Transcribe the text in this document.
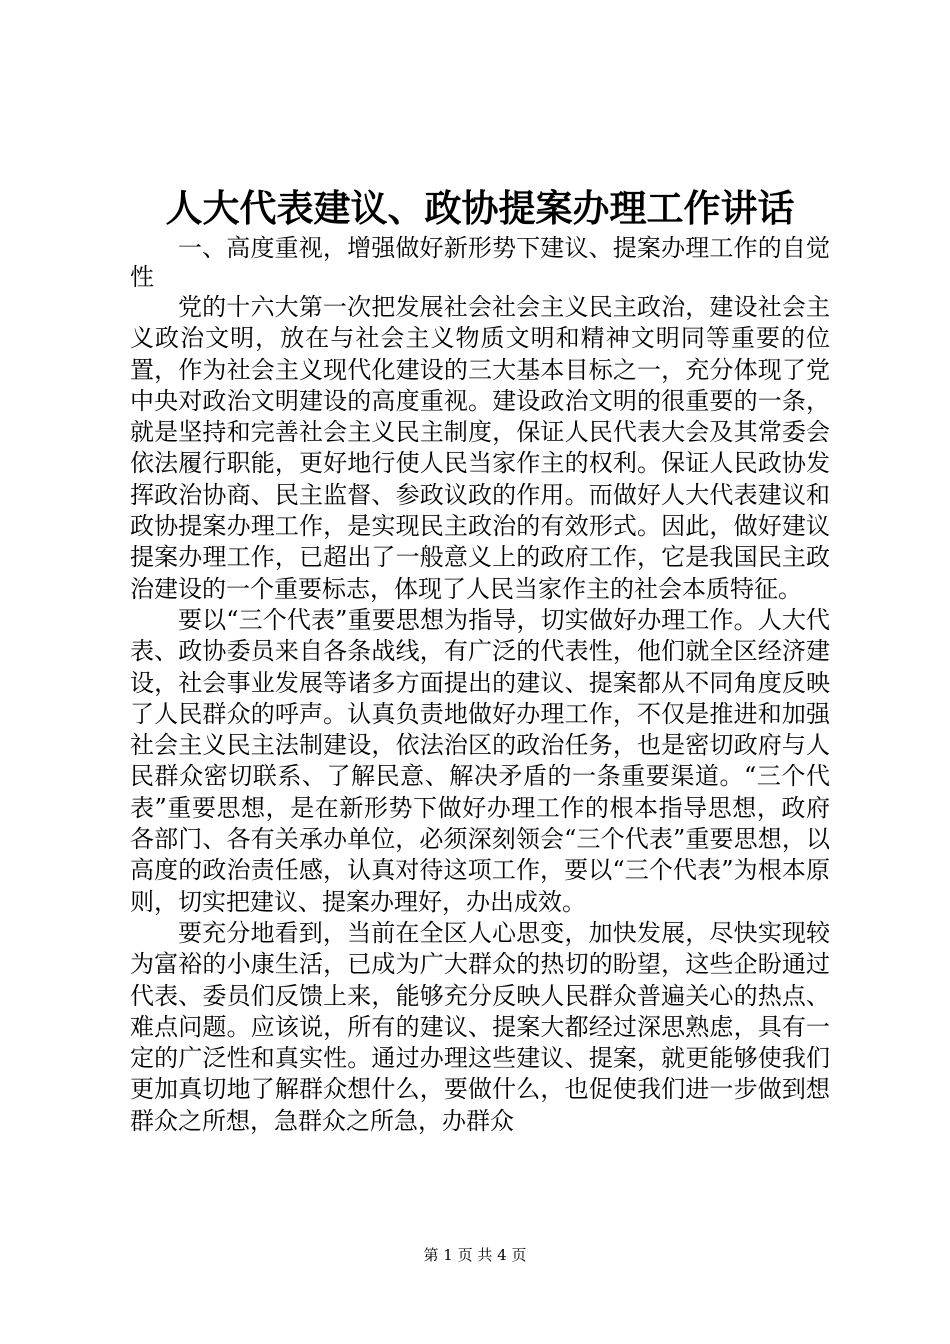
人大代表建议、政协提案办理工作讲话

一、高度重视，增强做好新形势下建议、提案办理工作的自觉性

党的十六大第一次把发展社会社会主义民主政治，建设社会主义政治文明，放在与社会主义物质文明和精神文明同等重要的位置，作为社会主义现代化建设的三大基本目标之一，充分体现了党中央对政治文明建设的高度重视。建设政治文明的很重要的一条，就是坚持和完善社会主义民主制度，保证人民代表大会及其常委会依法履行职能，更好地行使人民当家作主的权利。保证人民政协发挥政治协商、民主监督、参政议政的作用。而做好人大代表建议和政协提案办理工作，是实现民主政治的有效形式。因此，做好建议提案办理工作，已超出了一般意义上的政府工作，它是我国民主政治建设的一个重要标志，体现了人民当家作主的社会本质特征。

要以“三个代表”重要思想为指导，切实做好办理工作。人大代表、政协委员来自各条战线，有广泛的代表性，他们就全区经济建设，社会事业发展等诸多方面提出的建议、提案都从不同角度反映了人民群众的呼声。认真负责地做好办理工作，不仅是推进和加强社会主义民主法制建设，依法治区的政治任务，也是密切政府与人民群众密切联系、了解民意、解决矛盾的一条重要渠道。“三个代表”重要思想，是在新形势下做好办理工作的根本指导思想，政府各部门、各有关承办单位，必须深刻领会“三个代表”重要思想，以高度的政治责任感，认真对待这项工作，要以“三个代表”为根本原则，切实把建议、提案办理好，办出成效。

要充分地看到，当前在全区人心思变，加快发展，尽快实现较为富裕的小康生活，已成为广大群众的热切的盼望，这些企盼通过代表、委员们反馈上来，能够充分反映人民群众普遍关心的热点、难点问题。应该说，所有的建议、提案大都经过深思熟虑，具有一定的广泛性和真实性。通过办理这些建议、提案，就更能够使我们更加真切地了解群众想什么，要做什么，也促使我们进一步做到想群众之所想，急群众之所急，办群众

第 1 页 共 4 页
